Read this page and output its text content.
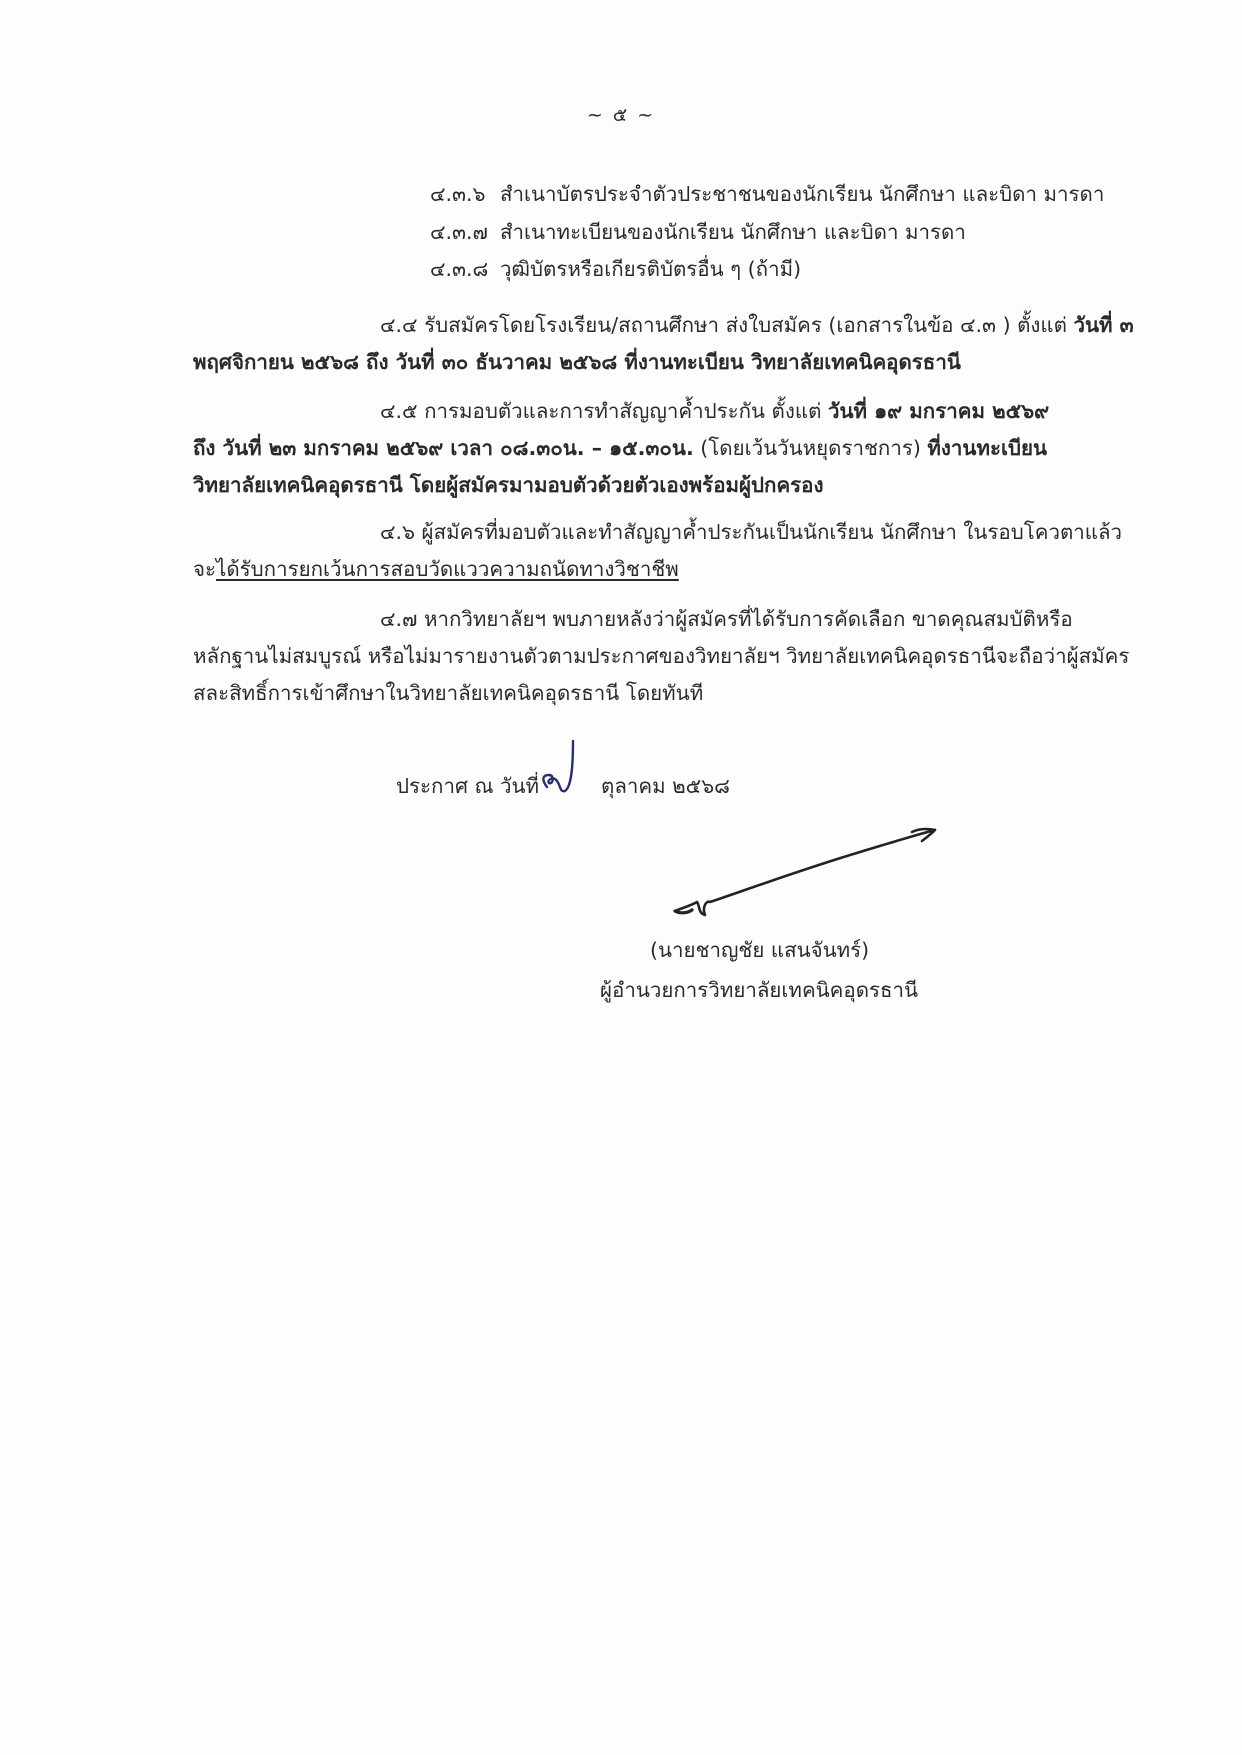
~ ๕ ~
๔.๓.๖ สำเนาบัตรประจำตัวประชาชนของนักเรียน นักศึกษา และบิดา มารดา
๔.๓.๗ สำเนาทะเบียนของนักเรียน นักศึกษา และบิดา มารดา
๔.๓.๘ วุฒิบัตรหรือเกียรติบัตรอื่น ๆ (ถ้ามี)
๔.๔ รับสมัครโดยโรงเรียน/สถานศึกษา ส่งใบสมัคร (เอกสารในข้อ ๔.๓ ) ตั้งแต่ วันที่ ๓
พฤศจิกายน ๒๕๖๘ ถึง วันที่ ๓๐ ธันวาคม ๒๕๖๘ ที่งานทะเบียน วิทยาลัยเทคนิคอุดรธานี
๔.๕ การมอบตัวและการทำสัญญาค้ำประกัน ตั้งแต่ วันที่ ๑๙ มกราคม ๒๕๖๙
ถึง วันที่ ๒๓ มกราคม ๒๕๖๙ เวลา ๐๘.๓๐น. – ๑๕.๓๐น. (โดยเว้นวันหยุดราชการ) ที่งานทะเบียน
วิทยาลัยเทคนิคอุดรธานี โดยผู้สมัครมามอบตัวด้วยตัวเองพร้อมผู้ปกครอง
๔.๖ ผู้สมัครที่มอบตัวและทำสัญญาค้ำประกันเป็นนักเรียน นักศึกษา ในรอบโควตาแล้ว
จะได้รับการยกเว้นการสอบวัดแววความถนัดทางวิชาชีพ
๔.๗ หากวิทยาลัยฯ พบภายหลังว่าผู้สมัครที่ได้รับการคัดเลือก ขาดคุณสมบัติหรือ
หลักฐานไม่สมบูรณ์ หรือไม่มารายงานตัวตามประกาศของวิทยาลัยฯ วิทยาลัยเทคนิคอุดรธานีจะถือว่าผู้สมัคร
สละสิทธิ์การเข้าศึกษาในวิทยาลัยเทคนิคอุดรธานี โดยทันที
ประกาศ ณ วันที่	ตุลาคม ๒๕๖๘
(นายชาญชัย แสนจันทร์)
ผู้อำนวยการวิทยาลัยเทคนิคอุดรธานี
